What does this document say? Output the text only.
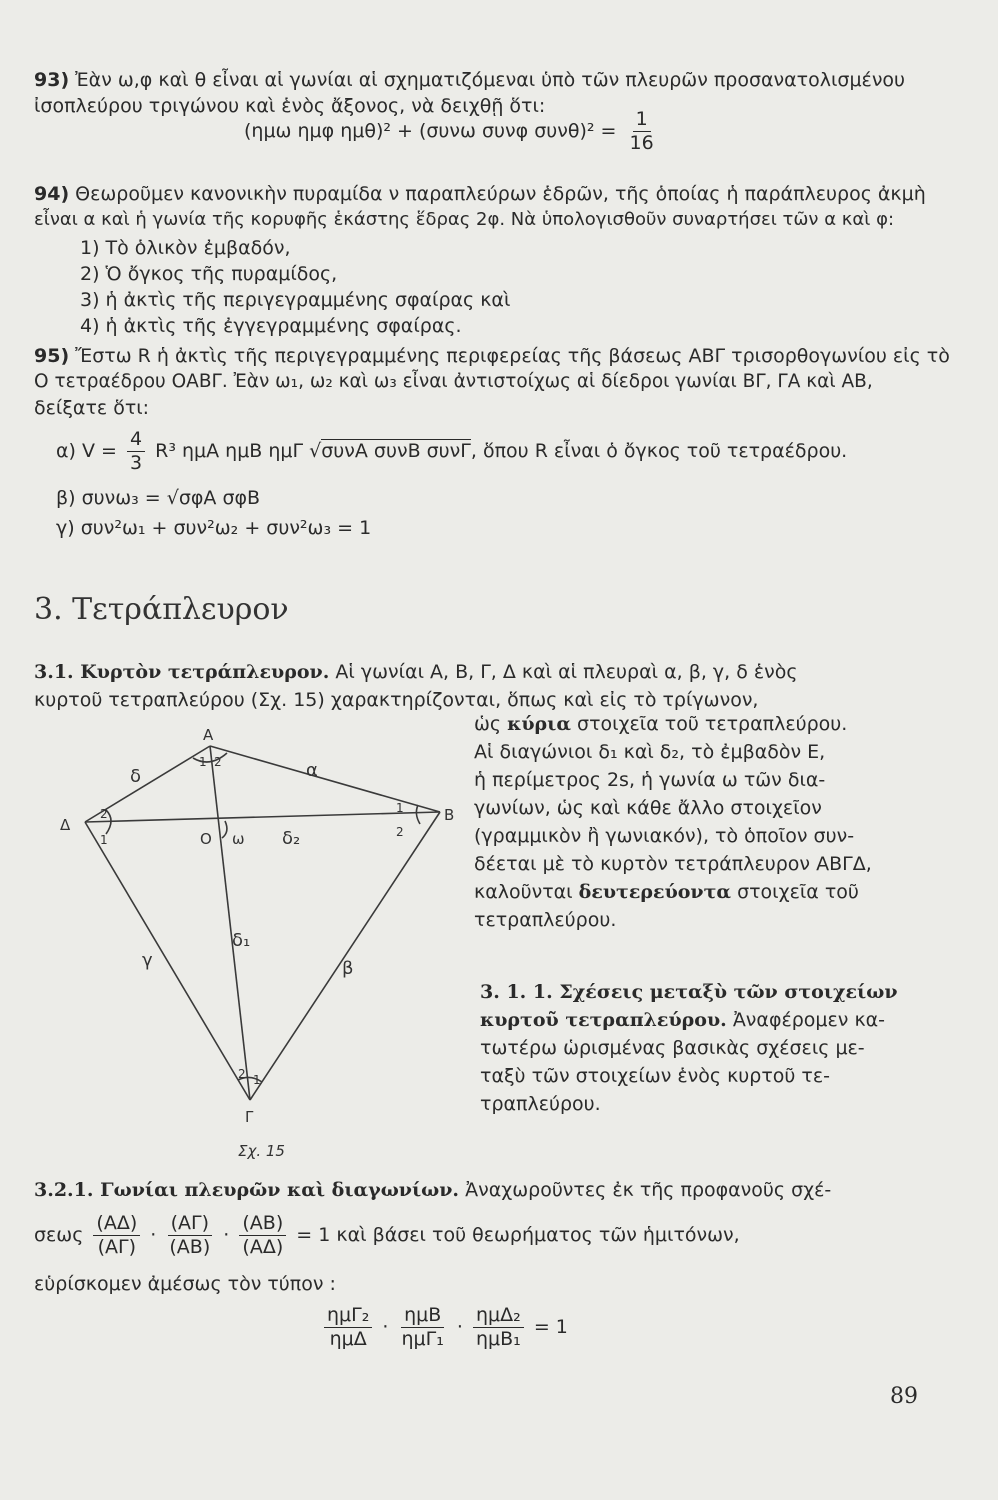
93) Ἐὰν ω,φ καὶ θ εἶναι αἱ γωνίαι αἱ σχηματιζόμεναι ὑπὸ τῶν πλευρῶν προσανατολισμένου
ἰσοπλεύρου τριγώνου καὶ ἑνὸς ἄξονος, νὰ δειχθῇ ὅτι:
(ημω ημφ ημθ)² + (συνω συνφ $\sigma\upsilon\nu\theta)^2 = \frac{1}{16}$
94) Θεωροῦμεν κανονικὴν πυραμίδα ν παραπλεύρων ἑδρῶν, τῆς ὁποίας ἡ παράπλευρος ἀκμὴ
εἶναι α καὶ ἡ γωνία τῆς κορυφῆς ἑκάστης ἕδρας 2φ. Νὰ ὑπολογισθοῦν συναρτήσει τῶν α καὶ φ:
1) Τὸ ὁλικὸν ἐμβαδόν,
2) Ὁ ὄγκος τῆς πυραμίδος,
3) ἡ ἀκτὶς τῆς περιγεγραμμένης σφαίρας καὶ
4) ἡ ἀκτὶς τῆς ἐγγεγραμμένης σφαίρας.
95) Ἔστω R ἡ ἀκτὶς τῆς περιγεγραμμένης περιφερείας τῆς βάσεως ΑΒΓ τρισορθογωνίου εἰς τὸ
Ο τετραέδρου ΟΑΒΓ. Ἐὰν ω₁, ω₂ καὶ ω₃ εἶναι ἀντιστοίχως αἱ δίεδροι γωνίαι ΒΓ, ΓΑ καὶ ΑΒ,
δείξατε ὅτι:
α) $V = \frac{4}{3} R^3$ ημΑ ημΒ ημΓ √συνΑ συνΒ συνΓ, ὅπου R εἶναι ὁ ὄγκος τοῦ τετραέδρου.
β) συνω₃ = √σφΑ σφΒ
γ) συν²ω₁ + συν²ω₂ + συν²ω₃ = 1
3. Τετράπλευρον
3.1. Κυρτὸν τετράπλευρον. Αἱ γωνίαι Α, Β, Γ, Δ καὶ αἱ πλευραὶ α, β, γ, δ ἑνὸς
κυρτοῦ τετραπλεύρου (Σχ. 15) χαρακτηρίζονται, ὅπως καὶ εἰς τὸ τρίγωνον,
ὡς κύρια στοιχεῖα τοῦ τετραπλεύρου.
Αἱ διαγώνιοι δ₁ καὶ δ₂, τὸ ἐμβαδὸν Ε,
ἡ περίμετρος 2s, ἡ γωνία ω τῶν δια-
γωνίων, ὡς καὶ κάθε ἄλλο στοιχεῖον
(γραμμικὸν ἢ γωνιακόν), τὸ ὁποῖον συν-
δέεται μὲ τὸ κυρτὸν τετράπλευρον ΑΒΓΔ,
καλοῦνται δευτερεύοντα στοιχεῖα τοῦ
τετραπλεύρου.
3. 1. 1. Σχέσεις μεταξὺ τῶν στοιχείων
κυρτοῦ τετραπλεύρου. Ἀναφέρομεν κα-
τωτέρω ὡρισμένας βασικὰς σχέσεις με-
ταξὺ τῶν στοιχείων ἑνὸς κυρτοῦ τε-
τραπλεύρου.
3.2.1. Γωνίαι πλευρῶν καὶ διαγωνίων. Ἀναχωροῦντες ἐκ τῆς προφανοῦς σχέ-
σεως $\frac{(A\Delta)}{(A\Gamma)} \cdot \frac{(A\Gamma)}{(AB)} \cdot \frac{(AB)}{(A\Delta)} = 1$ καὶ βάσει τοῦ θεωρήματος τῶν ἡμιτόνων,
εὑρίσκομεν ἀμέσως τὸν τύπον :
$\frac{\text{ημΓ₂}}{\text{ημΔ}} \cdot \frac{\text{ημΒ}}{\text{ημΓ₁}} \cdot \frac{\text{ημΔ₂}}{\text{ημΒ₁}} = 1$
Α
Β
Γ
Δ
Ο
α
β
γ
δ
δ₁
δ₂
ω
1 2
1
2
2
1
2 1
Σχ. 15
89
